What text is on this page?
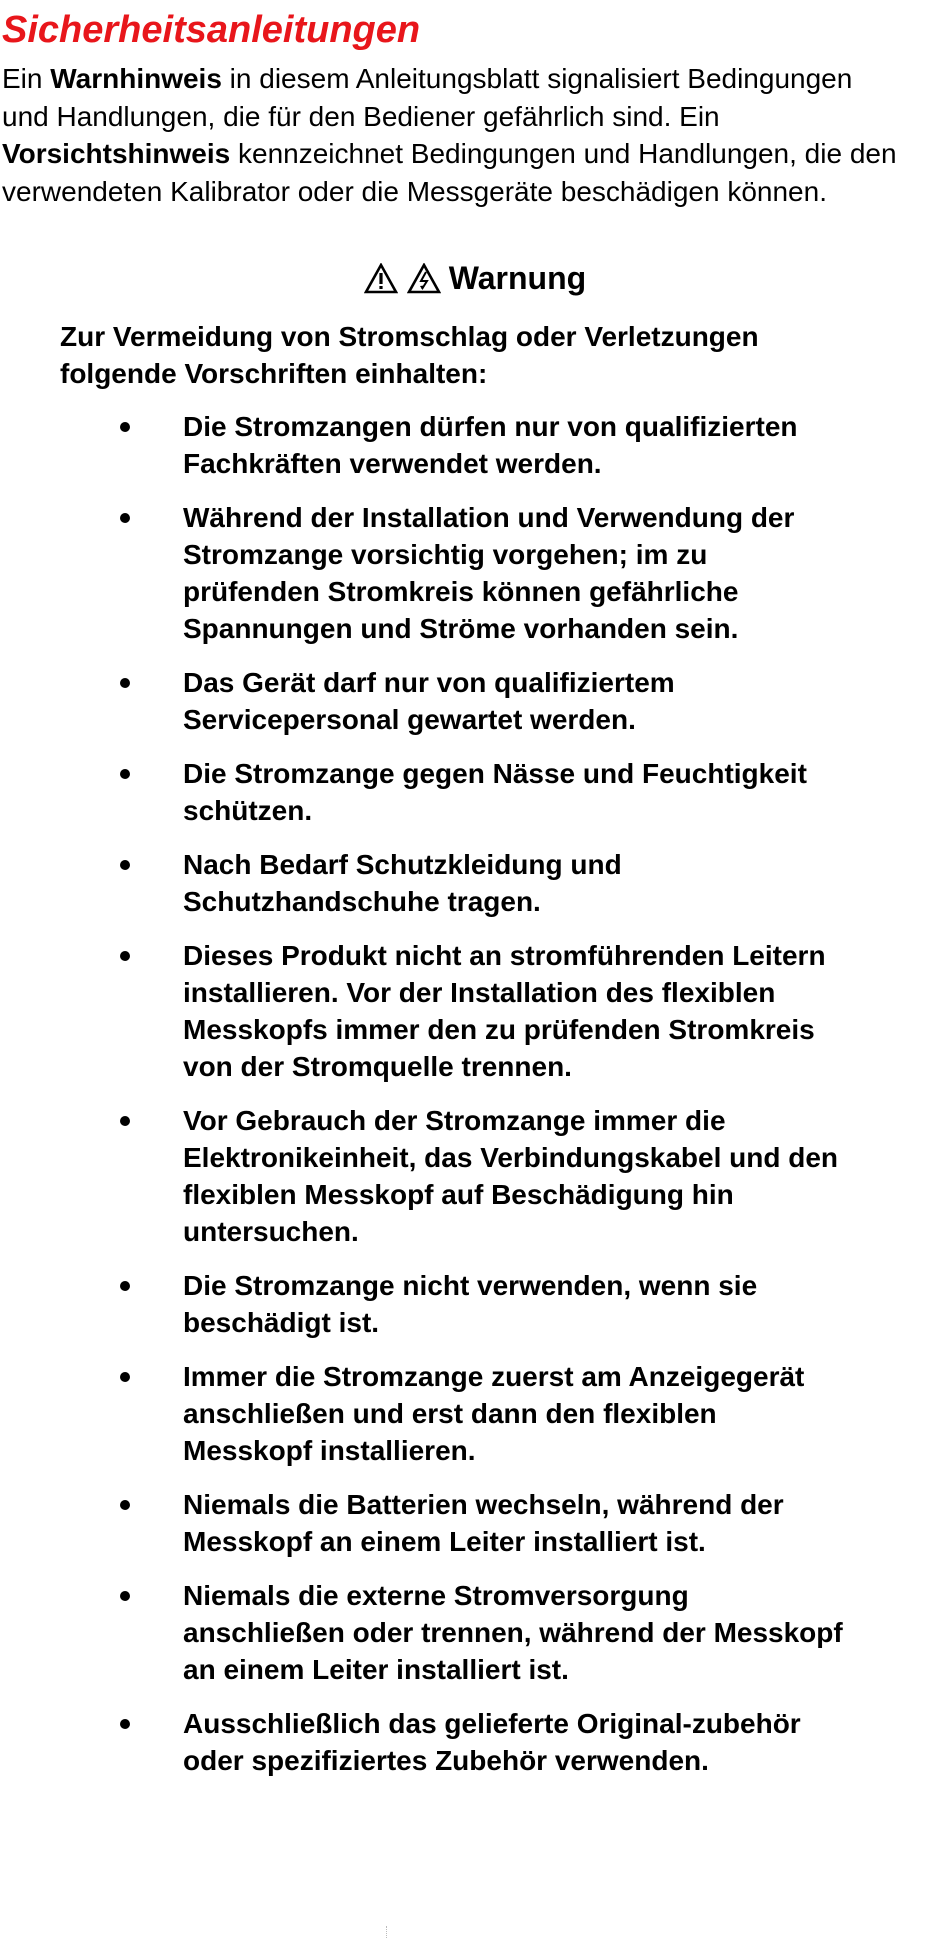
Sicherheitsanleitungen

Ein Warnhinweis in diesem Anleitungsblatt signalisiert Bedingungen und Handlungen, die für den Bediener gefährlich sind. Ein Vorsichtshinweis kennzeichnet Bedingungen und Handlungen, die den verwendeten Kalibrator oder die Messgeräte beschädigen können.

Warnung

Zur Vermeidung von Stromschlag oder Verletzungen folgende Vorschriften einhalten:

Die Stromzangen dürfen nur von qualifizierten Fachkräften verwendet werden.
Während der Installation und Verwendung der Stromzange vorsichtig vorgehen; im zu prüfenden Stromkreis können gefährliche Spannungen und Ströme vorhanden sein.
Das Gerät darf nur von qualifiziertem Servicepersonal gewartet werden.
Die Stromzange gegen Nässe und Feuchtigkeit schützen.
Nach Bedarf Schutzkleidung und Schutzhandschuhe tragen.
Dieses Produkt nicht an stromführenden Leitern installieren. Vor der Installation des flexiblen Messkopfs immer den zu prüfenden Stromkreis von der Stromquelle trennen.
Vor Gebrauch der Stromzange immer die Elektronikeinheit, das Verbindungskabel und den flexiblen Messkopf auf Beschädigung hin untersuchen.
Die Stromzange nicht verwenden, wenn sie beschädigt ist.
Immer die Stromzange zuerst am Anzeigegerät anschließen und erst dann den flexiblen Messkopf installieren.
Niemals die Batterien wechseln, während der Messkopf an einem Leiter installiert ist.
Niemals die externe Stromversorgung anschließen oder trennen, während der Messkopf an einem Leiter installiert ist.
Ausschließlich das gelieferte Original-zubehör oder spezifiziertes Zubehör verwenden.
